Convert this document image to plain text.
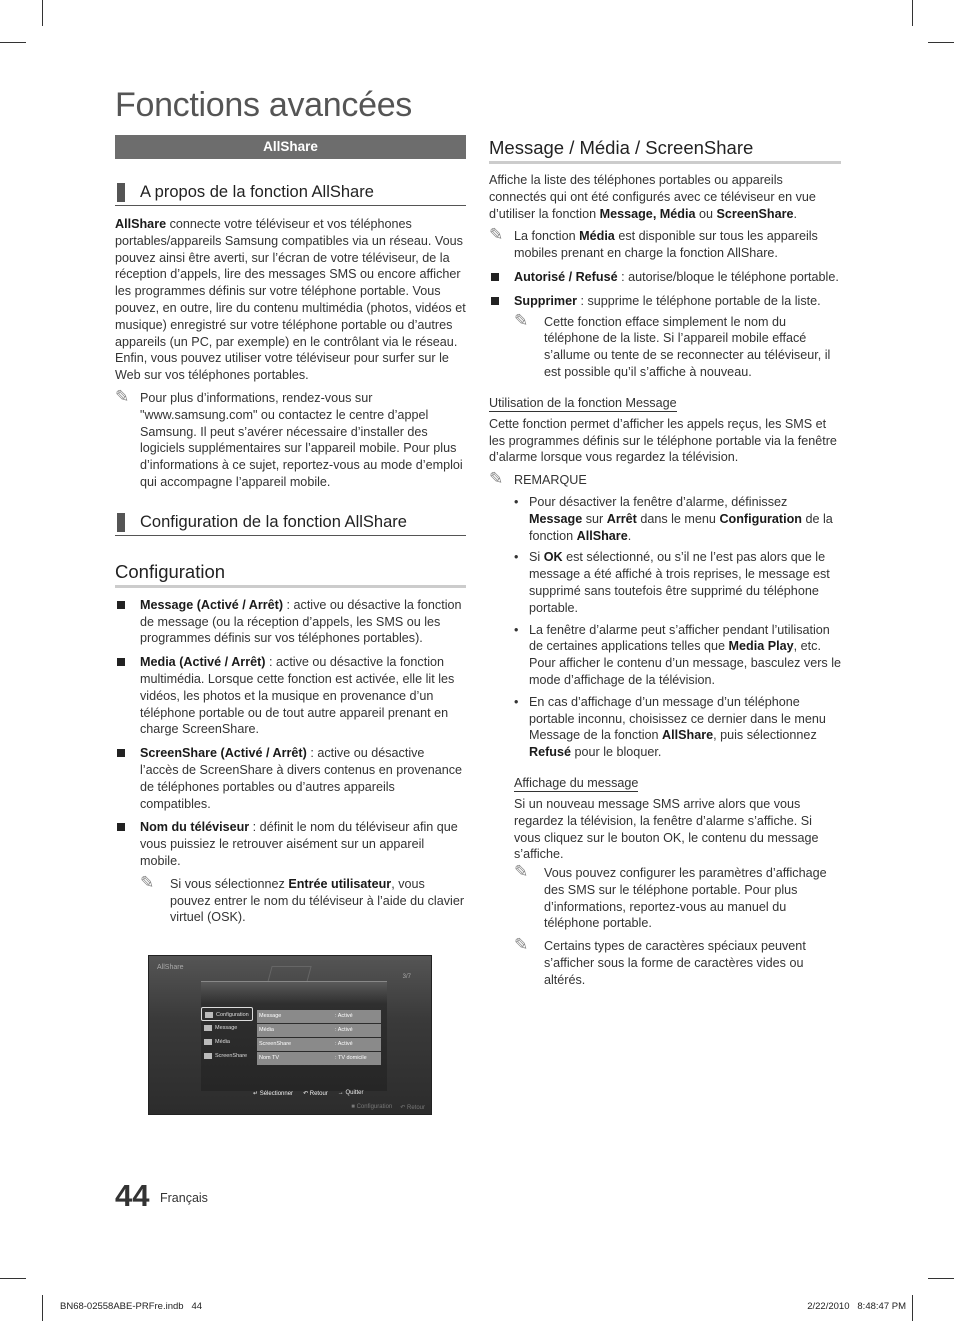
Fonctions avancées
AllShare
A propos de la fonction AllShare

AllShare connecte votre téléviseur et vos téléphones portables/appareils Samsung compatibles via un réseau. Vous pouvez ainsi être averti, sur l’écran de votre téléviseur, de la réception d’appels, lire des messages SMS ou encore afficher les programmes définis sur votre téléphone portable. Vous pouvez, en outre, lire du contenu multimédia (photos, vidéos et musique) enregistré sur votre téléphone portable ou d’autres appareils (un PC, par exemple) en le contrôlant via le réseau. Enfin, vous pouvez utiliser votre téléviseur pour surfer sur le Web sur vos téléphones portables.

✎ Pour plus d’informations, rendez-vous sur "www.samsung.com" ou contactez le centre d’appel Samsung. Il peut s’avérer nécessaire d’installer des logiciels supplémentaires sur l’appareil mobile. Pour plus d’informations à ce sujet, reportez-vous au mode d’emploi qui accompagne l’appareil mobile.
Configuration de la fonction AllShare
Configuration
Message (Activé / Arrêt) : active ou désactive la fonction de message (ou la réception d’appels, les SMS ou les programmes définis sur vos téléphones portables).
Media (Activé / Arrêt) : active ou désactive la fonction multimédia. Lorsque cette fonction est activée, elle lit les vidéos, les photos et la musique en provenance d’un téléphone portable ou de tout autre appareil prenant en charge ScreenShare.
ScreenShare (Activé / Arrêt) : active ou désactive l’accès de ScreenShare à divers contenus en provenance de téléphones portables ou d’autres appareils compatibles.
Nom du téléviseur : définit le nom du téléviseur afin que vous puissiez le retrouver aisément sur un appareil mobile.
✎ Si vous sélectionnez Entrée utilisateur, vous pouvez entrer le nom du téléviseur à l’aide du clavier virtuel (OSK).
AllShare
3/7
Configuration
Message
Média
ScreenShare
Message	: Activé
Média	: Activé
ScreenShare	: Activé
Nom TV	: TV domicile
↵ Sélectionner ↶ Retour → Quitter
■ Configuration ↶ Retour
Message / Média / ScreenShare

Affiche la liste des téléphones portables ou appareils connectés qui ont été configurés avec ce téléviseur en vue d’utiliser la fonction Message, Média ou ScreenShare.

✎ La fonction Média est disponible sur tous les appareils mobiles prenant en charge la fonction AllShare.
Autorisé / Refusé : autorise/bloque le téléphone portable.
Supprimer : supprime le téléphone portable de la liste.
✎ Cette fonction efface simplement le nom du téléphone de la liste. Si l’appareil mobile effacé s’allume ou tente de se reconnecter au téléviseur, il est possible qu’il s’affiche à nouveau.
Utilisation de la fonction Message

Cette fonction permet d’afficher les appels reçus, les SMS et les programmes définis sur le téléphone portable via la fenêtre d’alarme lorsque vous regardez la télévision.

✎ REMARQUE
• Pour désactiver la fenêtre d’alarme, définissez Message sur Arrêt dans le menu Configuration de la fonction AllShare.
• Si OK est sélectionné, ou s’il ne l’est pas alors que le message a été affiché à trois reprises, le message est supprimé sans toutefois être supprimé du téléphone portable.
• La fenêtre d’alarme peut s’afficher pendant l’utilisation de certaines applications telles que Media Play, etc. Pour afficher le contenu d’un message, basculez vers le mode d’affichage de la télévision.
• En cas d’affichage d’un message d’un téléphone portable inconnu, choisissez ce dernier dans le menu Message de la fonction AllShare, puis sélectionnez Refusé pour le bloquer.
Affichage du message

Si un nouveau message SMS arrive alors que vous regardez la télévision, la fenêtre d’alarme s’affiche. Si vous cliquez sur le bouton OK, le contenu du message s’affiche.

✎ Vous pouvez configurer les paramètres d’affichage des SMS sur le téléphone portable. Pour plus d’informations, reportez-vous au manuel du téléphone portable.
✎ Certains types de caractères spéciaux peuvent s’afficher sous la forme de caractères vides ou altérés.
44 Français
BN68-02558ABE-PRFre.indb   44	2/22/2010   8:48:47 PM
